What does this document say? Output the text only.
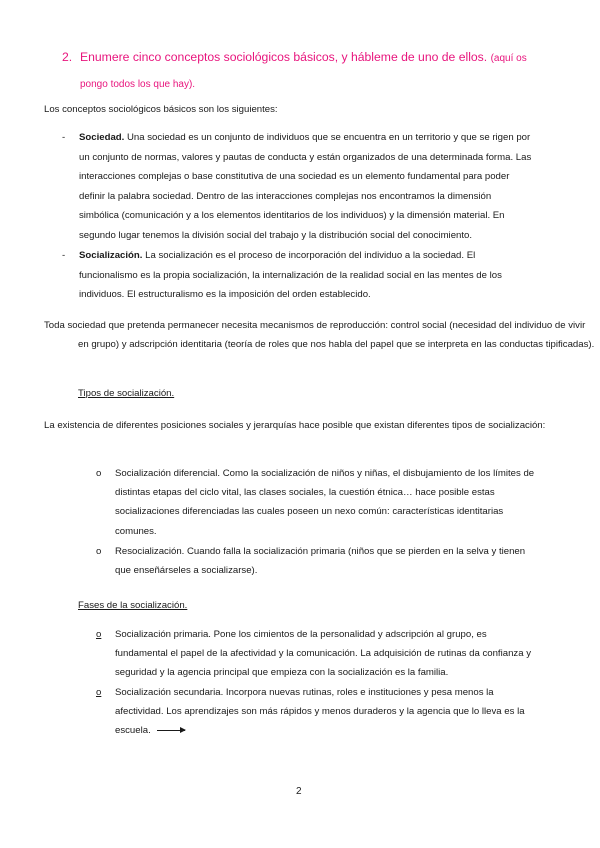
2. Enumere cinco conceptos sociológicos básicos, y hábleme de uno de ellos. (aquí os
pongo todos los que hay).
Los conceptos sociológicos básicos son los siguientes:
-	Sociedad. Una sociedad es un conjunto de individuos que se encuentra en un territorio y que se rigen por un conjunto de normas, valores y pautas de conducta y están organizados de una determinada forma. Las interacciones complejas o base constitutiva de una sociedad es un elemento fundamental para poder definir la palabra sociedad. Dentro de las interacciones complejas nos encontramos la dimensión simbólica (comunicación y a los elementos identitarios de los individuos) y la dimensión material. En segundo lugar tenemos la división social del trabajo y la distribución social del conocimiento.
-	Socialización. La socialización es el proceso de incorporación del individuo a la sociedad. El funcionalismo es la propia socialización, la internalización de la realidad social en las mentes de los individuos. El estructuralismo es la imposición del orden establecido.
Toda sociedad que pretenda permanecer necesita mecanismos de reproducción: control social (necesidad del individuo de vivir en grupo) y adscripción identitaria (teoría de roles que nos habla del papel que se interpreta en las conductas tipificadas).
Tipos de socialización.
La existencia de diferentes posiciones sociales y jerarquías hace posible que existan diferentes tipos de socialización:
o	Socialización diferencial. Como la socialización de niños y niñas, el disbujamiento de los límites de distintas etapas del ciclo vital, las clases sociales, la cuestión étnica… hace posible estas socializaciones diferenciadas las cuales poseen un nexo común: características identitarias comunes.
o	Resocialización. Cuando falla la socialización primaria (niños que se pierden en la selva y tienen que enseñárseles a socializarse).
Fases de la socialización.
o	Socialización primaria. Pone los cimientos de la personalidad y adscripción al grupo, es fundamental el papel de la afectividad y la comunicación. La adquisición de rutinas da confianza y seguridad y la agencia principal que empieza con la socialización es la familia.
o	Socialización secundaria. Incorpora nuevas rutinas, roles e instituciones y pesa menos la afectividad. Los aprendizajes son más rápidos y menos duraderos y la agencia que lo lleva es la escuela.
2
